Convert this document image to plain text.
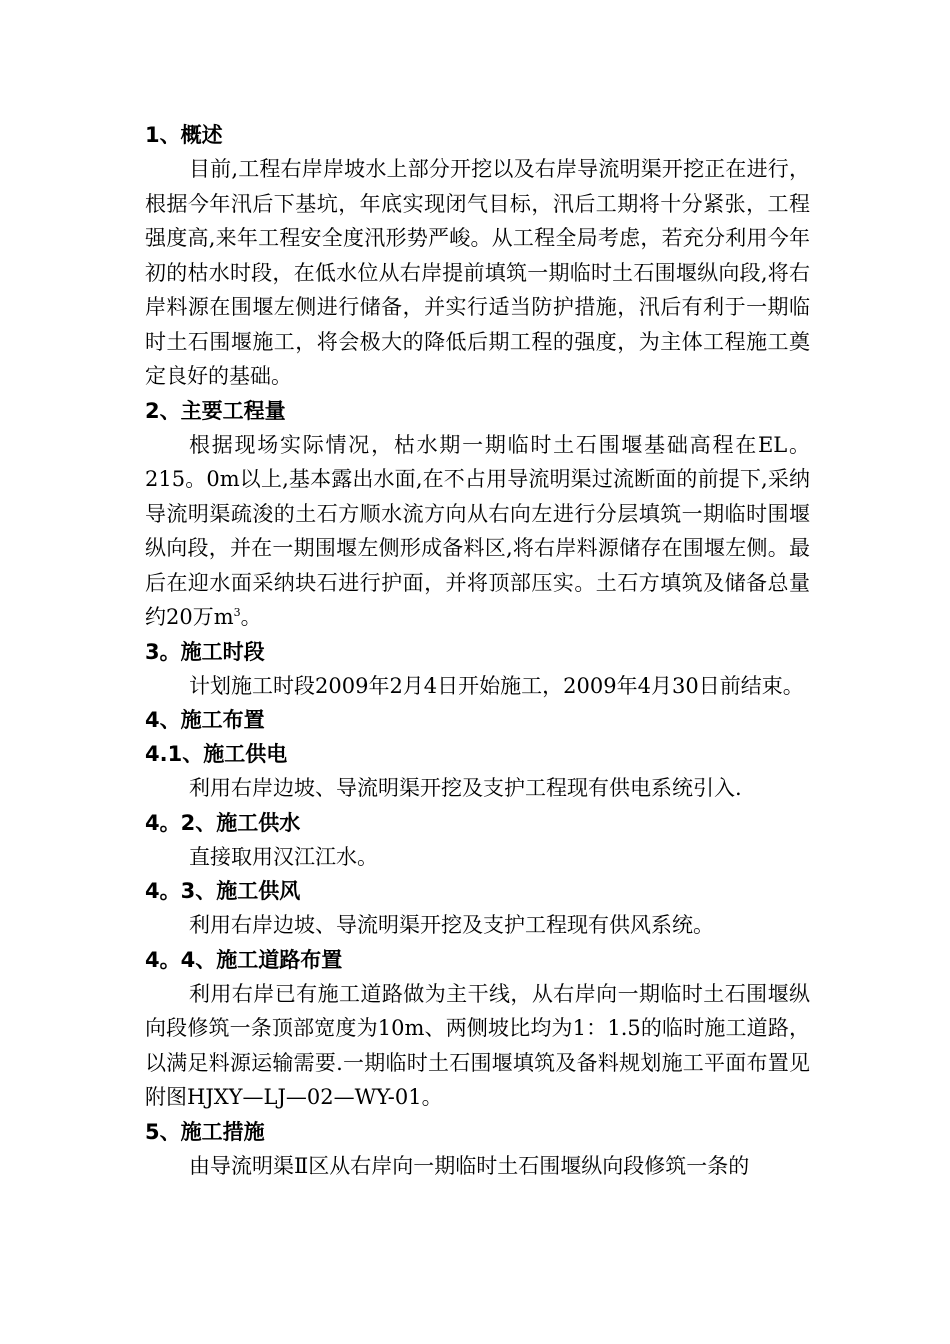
1、概述

目前,工程右岸岸坡水上部分开挖以及右岸导流明渠开挖正在进行，根据今年汛后下基坑，年底实现闭气目标，汛后工期将十分紧张，工程强度高,来年工程安全度汛形势严峻。从工程全局考虑，若充分利用今年初的枯水时段，在低水位从右岸提前填筑一期临时土石围堰纵向段,将右岸料源在围堰左侧进行储备，并实行适当防护措施，汛后有利于一期临时土石围堰施工，将会极大的降低后期工程的强度，为主体工程施工奠定良好的基础。

2、主要工程量

根据现场实际情况，枯水期一期临时土石围堰基础高程在EL。215。0m以上,基本露出水面,在不占用导流明渠过流断面的前提下,采纳导流明渠疏浚的土石方顺水流方向从右向左进行分层填筑一期临时围堰纵向段，并在一期围堰左侧形成备料区,将右岸料源储存在围堰左侧。最后在迎水面采纳块石进行护面，并将顶部压实。土石方填筑及储备总量约20万$m^3$。

3。施工时段

计划施工时段2009年2月4日开始施工，2009年4月30日前结束。

4、施工布置
4.1、施工供电

利用右岸边坡、导流明渠开挖及支护工程现有供电系统引入.

4。2、施工供水

直接取用汉江江水。

4。3、施工供风

利用右岸边坡、导流明渠开挖及支护工程现有供风系统。

4。4、施工道路布置

利用右岸已有施工道路做为主干线，从右岸向一期临时土石围堰纵向段修筑一条顶部宽度为10m、两侧坡比均为1：1.5的临时施工道路，以满足料源运输需要.一期临时土石围堰填筑及备料规划施工平面布置见附图HJXY—LJ—02—WY-01。

5、施工措施

由导流明渠Ⅱ区从右岸向一期临时土石围堰纵向段修筑一条的
